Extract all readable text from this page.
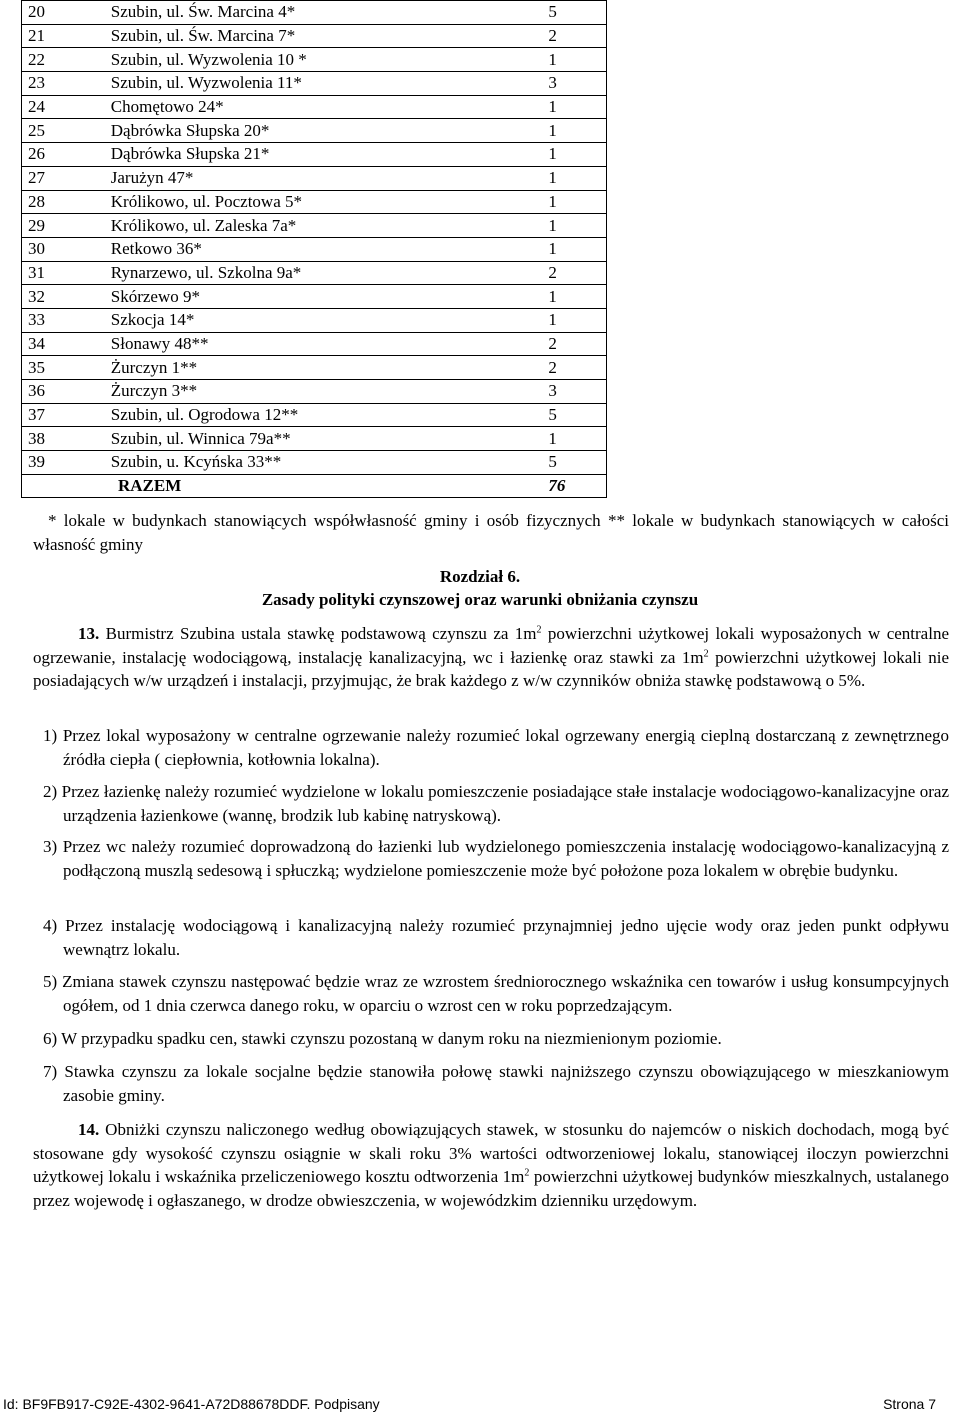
20	Szubin, ul. Św. Marcina 4*	5
21	Szubin, ul. Św. Marcina 7*	2
22	Szubin, ul. Wyzwolenia 10 *	1
23	Szubin, ul. Wyzwolenia 11*	3
24	Chomętowo 24*	1
25	Dąbrówka Słupska 20*	1
26	Dąbrówka Słupska 21*	1
27	Jarużyn 47*	1
28	Królikowo, ul. Pocztowa 5*	1
29	Królikowo, ul. Zaleska 7a*	1
30	Retkowo 36*	1
31	Rynarzewo, ul. Szkolna 9a*	2
32	Skórzewo 9*	1
33	Szkocja 14*	1
34	Słonawy 48**	2
35	Żurczyn 1**	2
36	Żurczyn 3**	3
37	Szubin, ul. Ogrodowa 12**	5
38	Szubin, ul. Winnica 79a**	1
39	Szubin, u. Kcyńska 33**	5
RAZEM		76
* lokale w budynkach stanowiących współwłasność gminy i osób fizycznych ** lokale w budynkach stanowiących w całości własność gminy
Rozdział 6.
Zasady polityki czynszowej oraz warunki obniżania czynszu
13. Burmistrz Szubina ustala stawkę podstawową czynszu za $1m^2$ powierzchni użytkowej lokali wyposażonych w centralne ogrzewanie, instalację wodociągową, instalację kanalizacyjną, wc i łazienkę oraz stawki za $1m^2$ powierzchni użytkowej lokali nie posiadających w/w urządzeń i instalacji, przyjmując, że brak każdego z w/w czynników obniża stawkę podstawową o 5%.
1) Przez lokal wyposażony w centralne ogrzewanie należy rozumieć lokal ogrzewany energią cieplną dostarczaną z zewnętrznego źródła ciepła ( ciepłownia, kotłownia lokalna).
2) Przez łazienkę należy rozumieć wydzielone w lokalu pomieszczenie posiadające stałe instalacje wodociągowo-kanalizacyjne oraz urządzenia łazienkowe (wannę, brodzik lub kabinę natryskową).
3) Przez wc należy rozumieć doprowadzoną do łazienki lub wydzielonego pomieszczenia instalację wodociągowo-kanalizacyjną z podłączoną muszlą sedesową i spłuczką; wydzielone pomieszczenie może być położone poza lokalem w obrębie budynku.
4) Przez instalację wodociągową i kanalizacyjną należy rozumieć przynajmniej jedno ujęcie wody oraz jeden punkt odpływu wewnątrz lokalu.
5) Zmiana stawek czynszu następować będzie wraz ze wzrostem średniorocznego wskaźnika cen towarów i usług konsumpcyjnych ogółem, od 1 dnia czerwca danego roku, w oparciu o wzrost cen w roku poprzedzającym.
6) W przypadku spadku cen, stawki czynszu pozostaną w danym roku na niezmienionym poziomie.
7) Stawka czynszu za lokale socjalne będzie stanowiła połowę stawki najniższego czynszu obowiązującego w mieszkaniowym zasobie gminy.
14. Obniżki czynszu naliczonego według obowiązujących stawek, w stosunku do najemców o niskich dochodach, mogą być stosowane gdy wysokość czynszu osiągnie w skali roku 3% wartości odtworzeniowej lokalu, stanowiącej iloczyn powierzchni użytkowej lokalu i wskaźnika przeliczeniowego kosztu odtworzenia $1m^2$ powierzchni użytkowej budynków mieszkalnych, ustalanego przez wojewodę i ogłaszanego, w drodze obwieszczenia, w wojewódzkim dzienniku urzędowym.
Id: BF9FB917-C92E-4302-9641-A72D88678DDF. Podpisany	Strona 7
